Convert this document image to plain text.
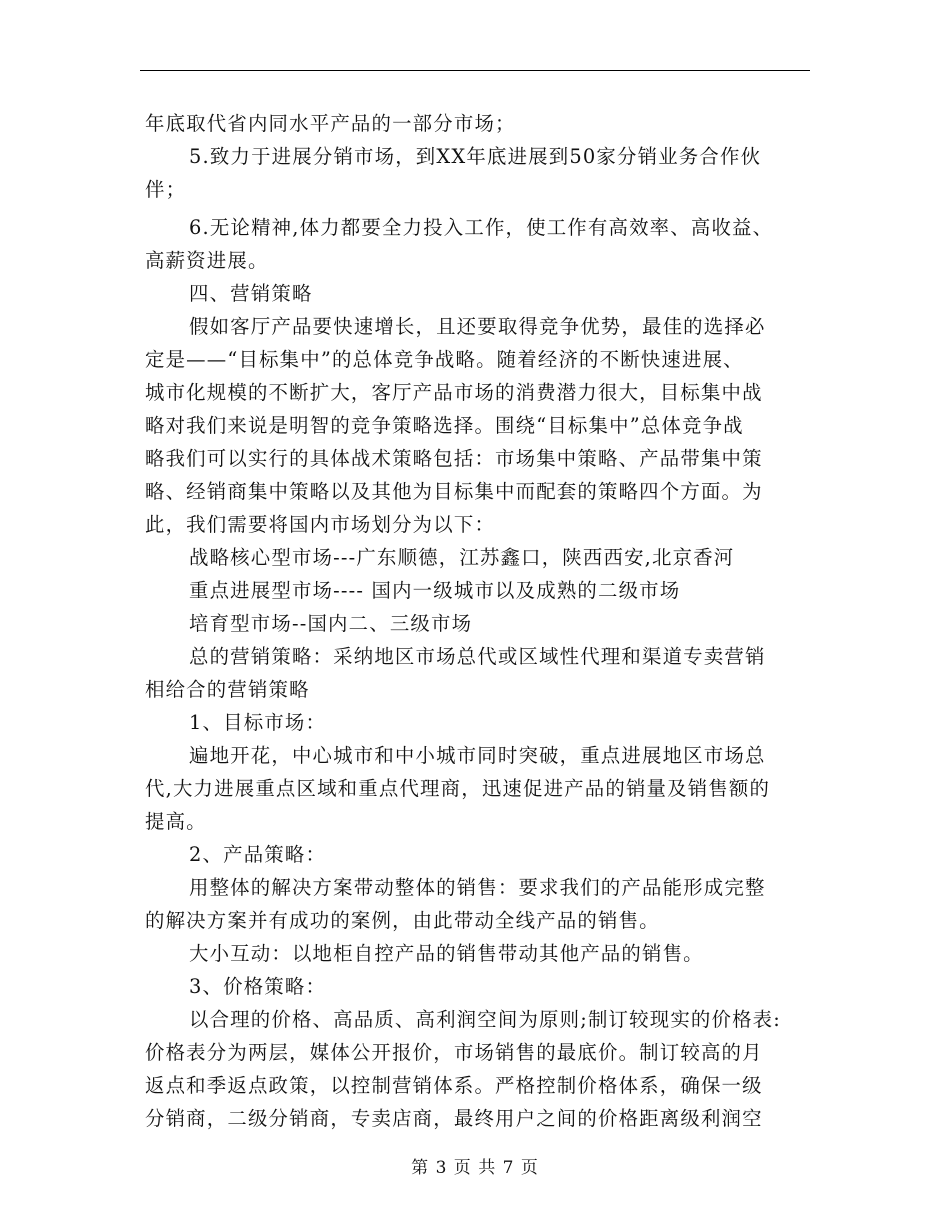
年底取代省内同水平产品的一部分市场；
5.致力于进展分销市场，到XX年底进展到50家分销业务合作伙
伴；
6.无论精神,体力都要全力投入工作，使工作有高效率、高收益、
高薪资进展。
四、营销策略
假如客厅产品要快速增长，且还要取得竞争优势，最佳的选择必
定是——“目标集中”的总体竞争战略。随着经济的不断快速进展、
城市化规模的不断扩大，客厅产品市场的消费潜力很大，目标集中战
略对我们来说是明智的竞争策略选择。围绕“目标集中”总体竞争战
略我们可以实行的具体战术策略包括：市场集中策略、产品带集中策
略、经销商集中策略以及其他为目标集中而配套的策略四个方面。为
此，我们需要将国内市场划分为以下：
战略核心型市场---广东顺德，江苏鑫口，陕西西安,北京香河
重点进展型市场---- 国内一级城市以及成熟的二级市场
培育型市场--国内二、三级市场
总的营销策略：采纳地区市场总代或区域性代理和渠道专卖营销
相给合的营销策略
1、目标市场：
遍地开花，中心城市和中小城市同时突破，重点进展地区市场总
代,大力进展重点区域和重点代理商，迅速促进产品的销量及销售额的
提高。
2、产品策略：
用整体的解决方案带动整体的销售：要求我们的产品能形成完整
的解决方案并有成功的案例，由此带动全线产品的销售。
大小互动：以地柜自控产品的销售带动其他产品的销售。
3、价格策略：
以合理的价格、高品质、高利润空间为原则;制订较现实的价格表:
价格表分为两层，媒体公开报价，市场销售的最底价。制订较高的月
返点和季返点政策，以控制营销体系。严格控制价格体系，确保一级
分销商，二级分销商，专卖店商，最终用户之间的价格距离级利润空
第 3 页 共 7 页
